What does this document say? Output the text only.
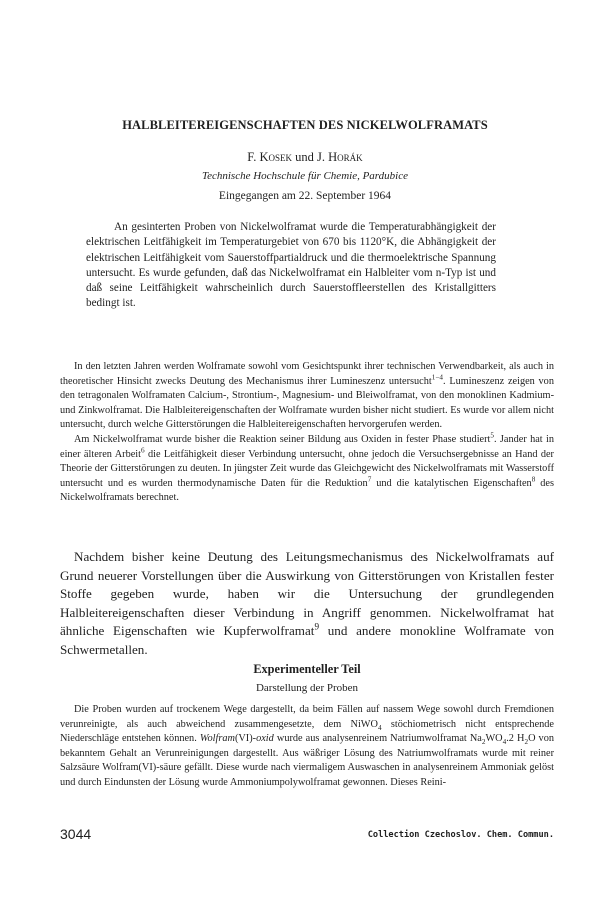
HALBLEITEREIGENSCHAFTEN DES NICKELWOLFRAMATS
F. Kosek und J. Horák
Technische Hochschule für Chemie, Pardubice
Eingegangen am 22. September 1964

An gesinterten Proben von Nickelwolframat wurde die Temperaturabhängigkeit der elektrischen Leitfähigkeit im Temperaturgebiet von 670 bis 1120°K, die Abhängigkeit der elektrischen Leitfähigkeit vom Sauerstoffpartialdruck und die thermoelektrische Spannung untersucht. Es wurde gefunden, daß das Nickelwolframat ein Halbleiter vom n-Typ ist und daß seine Leitfähigkeit wahrscheinlich durch Sauerstoffleerstellen des Kristallgitters bedingt ist.

In den letzten Jahren werden Wolframate sowohl vom Gesichtspunkt ihrer technischen Verwendbarkeit, als auch in theoretischer Hinsicht zwecks Deutung des Mechanismus ihrer Lumineszenz untersucht$^{1-4}$. Lumineszenz zeigen von den tetragonalen Wolframaten Calcium-, Strontium-, Magnesium- und Bleiwolframat, von den monoklinen Kadmium- und Zinkwolframat. Die Halbleitereigenschaften der Wolframate wurden bisher nicht studiert. Es wurde vor allem nicht untersucht, durch welche Gitterstörungen die Halbleitereigenschaften hervorgerufen werden.

Am Nickelwolframat wurde bisher die Reaktion seiner Bildung aus Oxiden in fester Phase studiert$^5$. Jander hat in einer älteren Arbeit$^6$ die Leitfähigkeit dieser Verbindung untersucht, ohne jedoch die Versuchsergebnisse an Hand der Theorie der Gitterstörungen zu deuten. In jüngster Zeit wurde das Gleichgewicht des Nickelwolframats mit Wasserstoff untersucht und es wurden thermodynamische Daten für die Reduktion$^7$ und die katalytischen Eigenschaften$^8$ des Nickelwolframats berechnet.

Nachdem bisher keine Deutung des Leitungsmechanismus des Nickelwolframats auf Grund neuerer Vorstellungen über die Auswirkung von Gitterstörungen von Kristallen fester Stoffe gegeben wurde, haben wir die Untersuchung der grundlegenden Halbleitereigenschaften dieser Verbindung in Angriff genommen. Nickelwolframat hat ähnliche Eigenschaften wie Kupferwolframat$^9$ und andere monokline Wolframate von Schwermetallen.

Experimenteller Teil
Darstellung der Proben

Die Proben wurden auf trockenem Wege dargestellt, da beim Fällen auf nassem Wege sowohl durch Fremdionen verunreinigte, als auch abweichend zusammengesetzte, dem NiWO$_4$ stöchiometrisch nicht entsprechende Niederschläge entstehen können. Wolfram(VI)-oxid wurde aus analysenreinem Natriumwolframat $Na_2WO_4.2$ $H_2O$ von bekanntem Gehalt an Verunreinigungen dargestellt. Aus wäßriger Lösung des Natriumwolframats wurde mit reiner Salzsäure Wolfram(VI)-säure gefällt. Diese wurde nach viermaligem Auswaschen in analysenreinem Ammoniak gelöst und durch Eindunsten der Lösung wurde Ammoniumpolywolframat gewonnen. Dieses Reini-

3044	Collection Czechoslov. Chem. Commun.
